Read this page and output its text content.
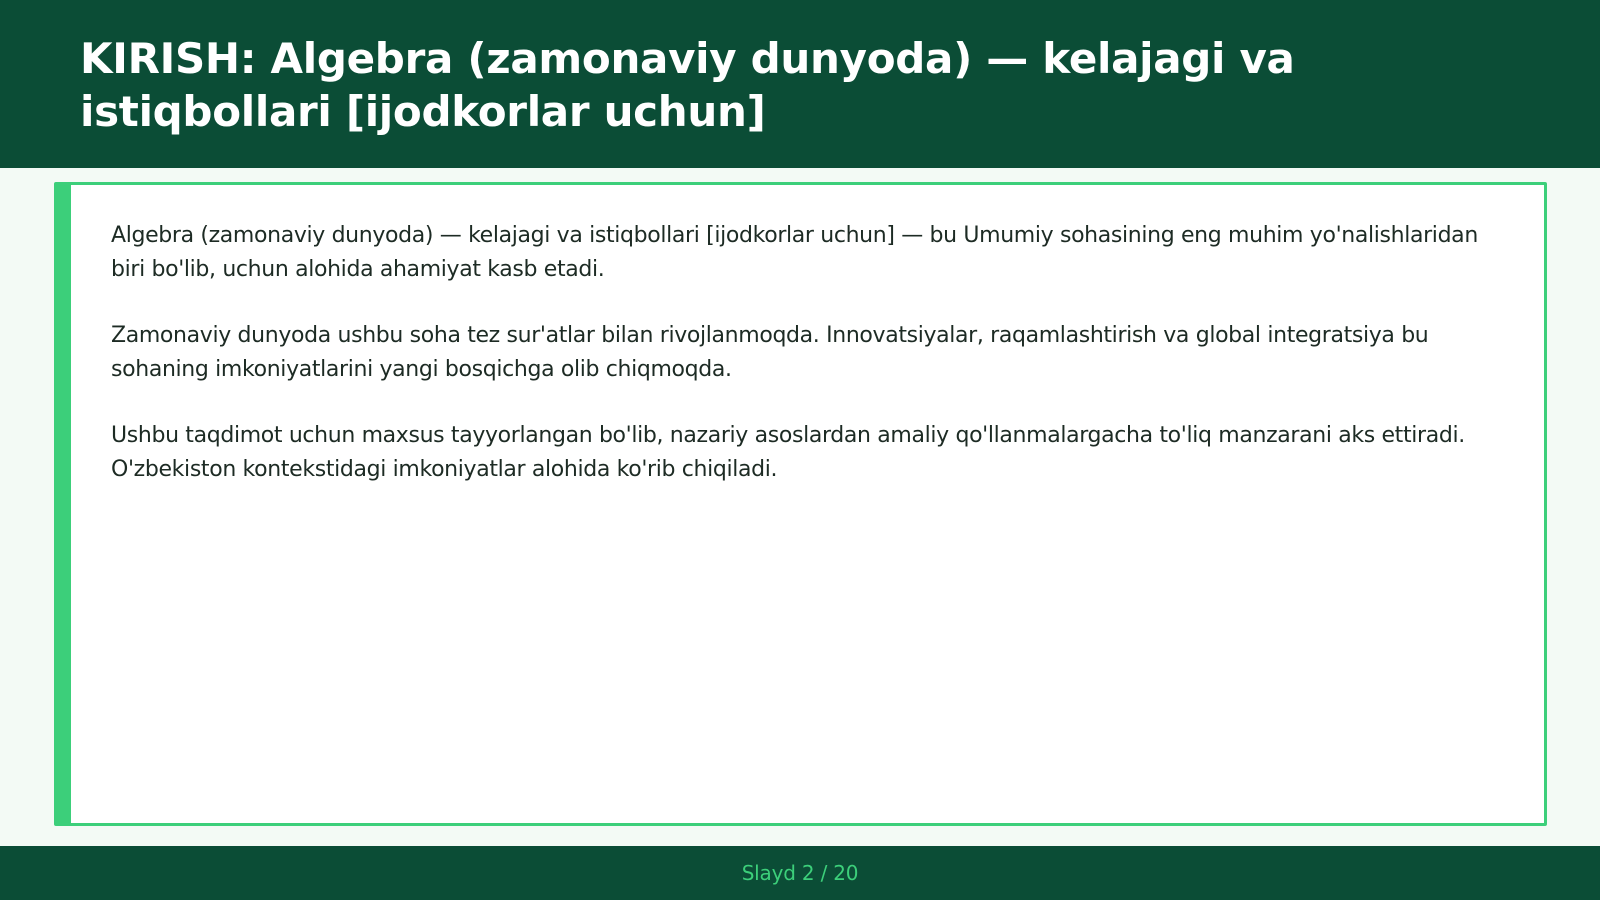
KIRISH: Algebra (zamonaviy dunyoda) — kelajagi va istiqbollari [ijodkorlar uchun]

Algebra (zamonaviy dunyoda) — kelajagi va istiqbollari [ijodkorlar uchun] — bu Umumiy sohasining eng muhim yo'nalishlaridan biri bo'lib, uchun alohida ahamiyat kasb etadi.

Zamonaviy dunyoda ushbu soha tez sur'atlar bilan rivojlanmoqda. Innovatsiyalar, raqamlashtirish va global integratsiya bu sohaning imkoniyatlarini yangi bosqichga olib chiqmoqda.

Ushbu taqdimot uchun maxsus tayyorlangan bo'lib, nazariy asoslardan amaliy qo'llanmalargacha to'liq manzarani aks ettiradi. O'zbekiston kontekstidagi imkoniyatlar alohida ko'rib chiqiladi.

Slayd 2 / 20
